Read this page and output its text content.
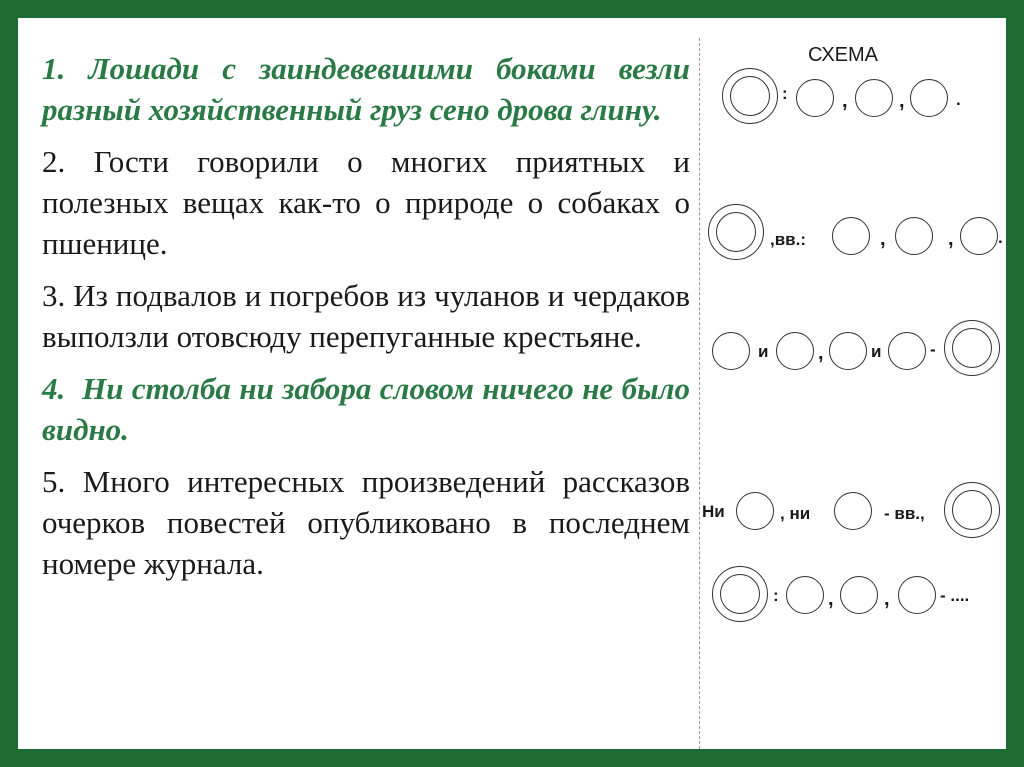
1. Лошади с заиндевевшими боками везли разный хозяйственный груз сено дрова глину.

2. Гости говорили о многих приятных и полезных вещах как-то о природе о собаках о пшенице.

3. Из подвалов и погребов из чуланов и чердаков выползли отовсюду перепуганные крестьяне.

4. Ни столба ни забора словом ничего не было видно.

5. Много интересных произведений рассказов очерков повестей опубликовано в последнем номере журнала.

СХЕМА
:	,	,	.
,вв.:	,	,	.
и ,	и	-
Ни	, ни	- вв.,
: ,	,	- ....
